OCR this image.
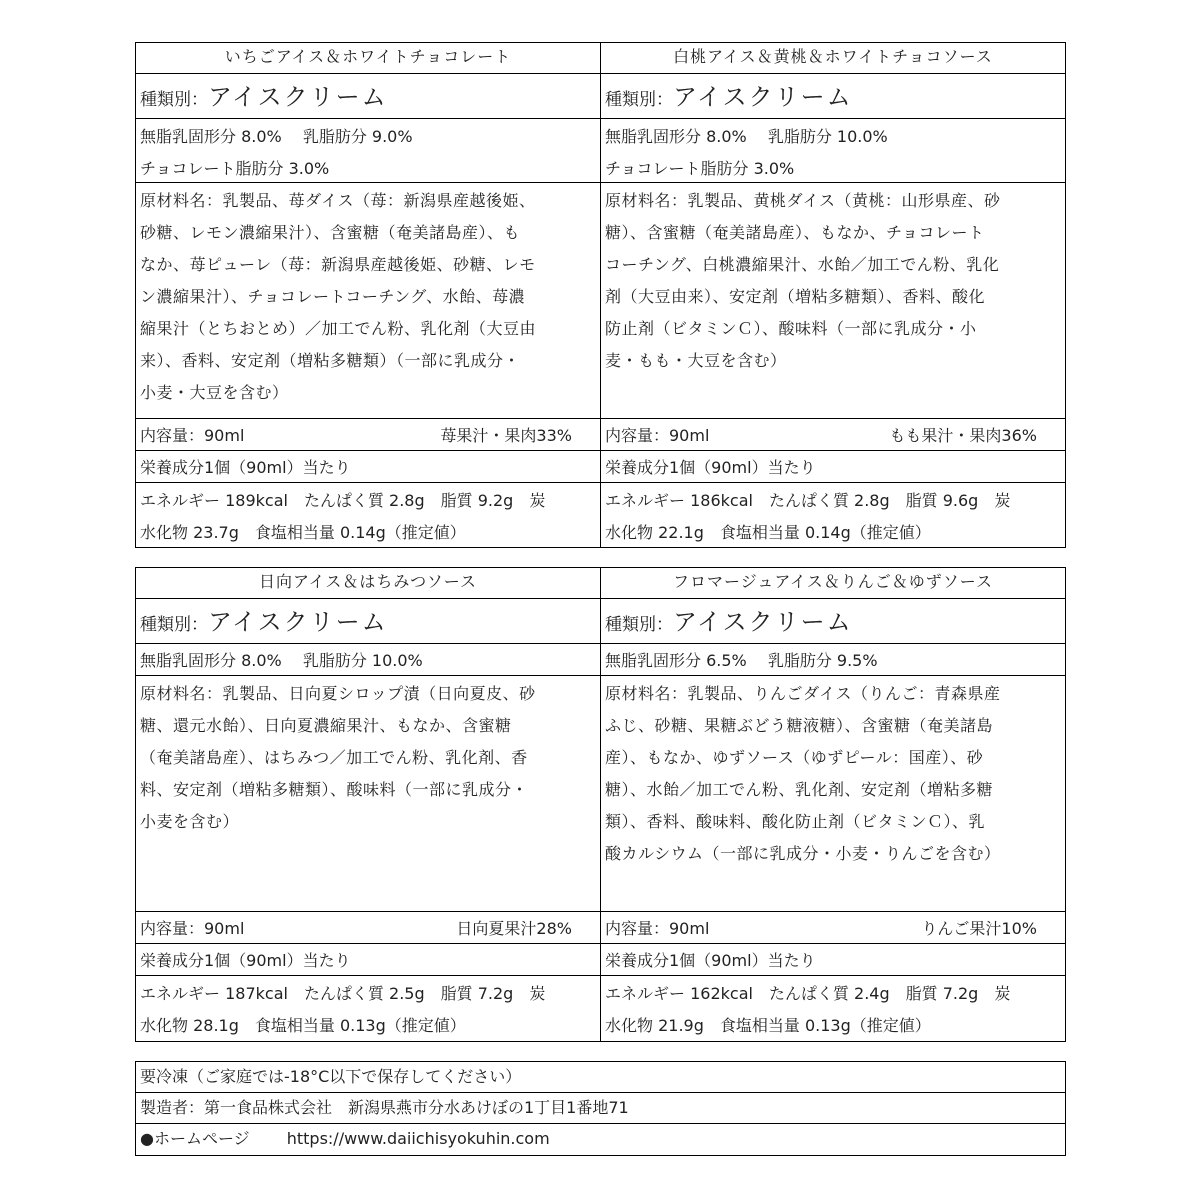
いちごアイス＆ホワイトチョコレート
種類別：アイスクリーム
無脂乳固形分 8.0%　 乳脂肪分 9.0%
チョコレート脂肪分 3.0%
原材料名：乳製品、苺ダイス（苺：新潟県産越後姫、
砂糖、レモン濃縮果汁）、含蜜糖（奄美諸島産）、も
なか、苺ピューレ（苺：新潟県産越後姫、砂糖、レモ
ン濃縮果汁）、チョコレートコーチング、水飴、苺濃
縮果汁（とちおとめ）／加工でん粉、乳化剤（大豆由
来）、香料、安定剤（増粘多糖類）（一部に乳成分・
小麦・大豆を含む）
内容量：90ml	苺果汁・果肉33%
栄養成分1個（90ml）当たり
エネルギー 189kcal　たんぱく質 2.8g　脂質 9.2g　炭
水化物 23.7g　食塩相当量 0.14g（推定値）
白桃アイス＆黄桃＆ホワイトチョコソース
種類別：アイスクリーム
無脂乳固形分 8.0%　 乳脂肪分 10.0%
チョコレート脂肪分 3.0%
原材料名：乳製品、黄桃ダイス（黄桃：山形県産、砂
糖）、含蜜糖（奄美諸島産）、もなか、チョコレート
コーチング、白桃濃縮果汁、水飴／加工でん粉、乳化
剤（大豆由来）、安定剤（増粘多糖類）、香料、酸化
防止剤（ビタミンＣ）、酸味料（一部に乳成分・小
麦・もも・大豆を含む）
内容量：90ml	もも果汁・果肉36%
栄養成分1個（90ml）当たり
エネルギー 186kcal　たんぱく質 2.8g　脂質 9.6g　炭
水化物 22.1g　食塩相当量 0.14g（推定値）
日向アイス＆はちみつソース
種類別：アイスクリーム
無脂乳固形分 8.0%　 乳脂肪分 10.0%
原材料名：乳製品、日向夏シロップ漬（日向夏皮、砂
糖、還元水飴）、日向夏濃縮果汁、もなか、含蜜糖
（奄美諸島産）、はちみつ／加工でん粉、乳化剤、香
料、安定剤（増粘多糖類）、酸味料（一部に乳成分・
小麦を含む）
内容量：90ml	日向夏果汁28%
栄養成分1個（90ml）当たり
エネルギー 187kcal　たんぱく質 2.5g　脂質 7.2g　炭
水化物 28.1g　食塩相当量 0.13g（推定値）
フロマージュアイス＆りんご＆ゆずソース
種類別：アイスクリーム
無脂乳固形分 6.5%　 乳脂肪分 9.5%
原材料名：乳製品、りんごダイス（りんご：青森県産
ふじ、砂糖、果糖ぶどう糖液糖）、含蜜糖（奄美諸島
産）、もなか、ゆずソース（ゆずピール：国産）、砂
糖）、水飴／加工でん粉、乳化剤、安定剤（増粘多糖
類）、香料、酸味料、酸化防止剤（ビタミンＣ）、乳
酸カルシウム（一部に乳成分・小麦・りんごを含む）
内容量：90ml	りんご果汁10%
栄養成分1個（90ml）当たり
エネルギー 162kcal　たんぱく質 2.4g　脂質 7.2g　炭
水化物 21.9g　食塩相当量 0.13g（推定値）
要冷凍（ご家庭では-18°C以下で保存してください）
製造者：第一食品株式会社　新潟県燕市分水あけぼの1丁目1番地71
●ホームページ　　 https://www.daiichisyokuhin.com
